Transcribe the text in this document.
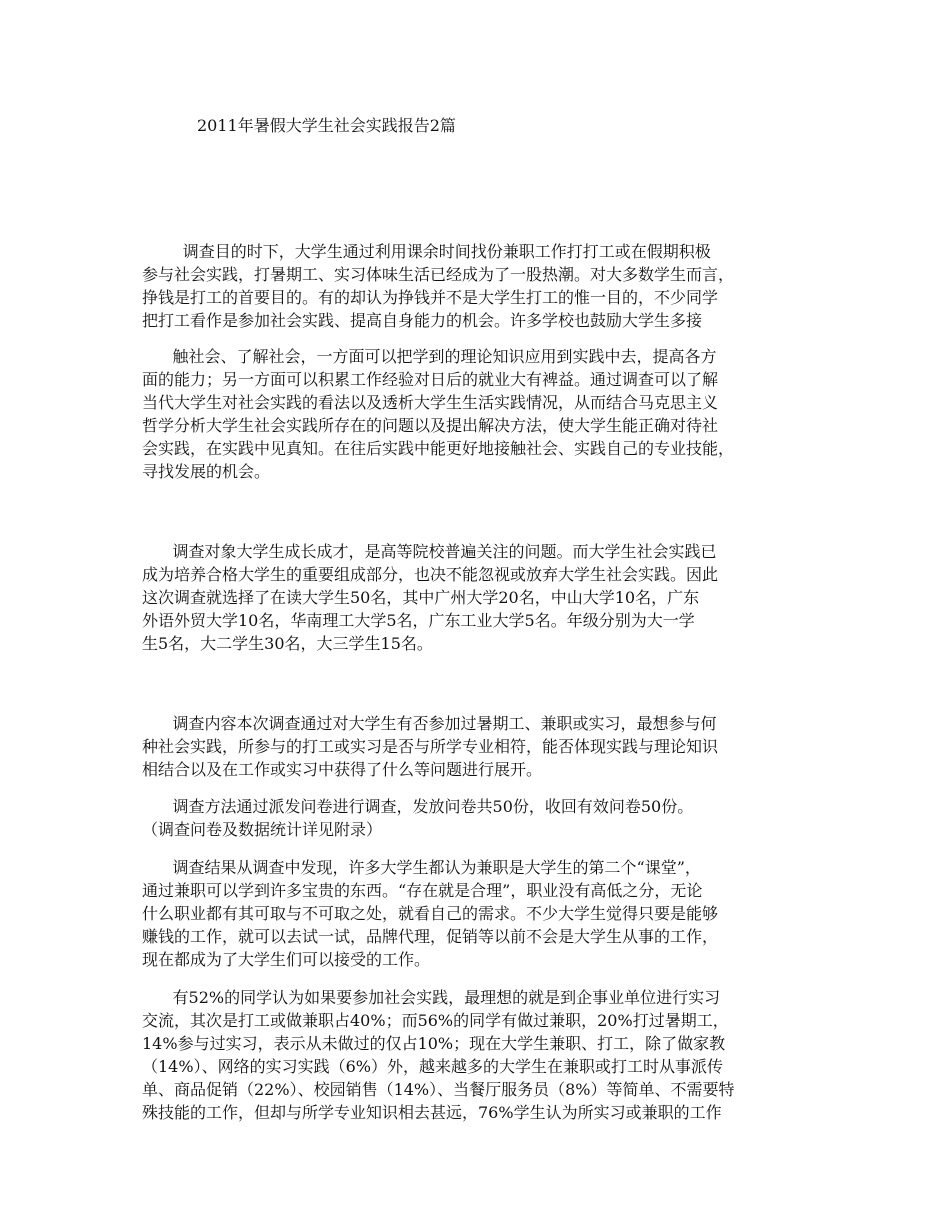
2011年暑假大学生社会实践报告2篇
调查目的时下，大学生通过利用课余时间找份兼职工作打打工或在假期积极
参与社会实践，打暑期工、实习体味生活已经成为了一股热潮。对大多数学生而言，
挣钱是打工的首要目的。有的却认为挣钱并不是大学生打工的惟一目的，不少同学
把打工看作是参加社会实践、提高自身能力的机会。许多学校也鼓励大学生多接
触社会、了解社会，一方面可以把学到的理论知识应用到实践中去，提高各方
面的能力；另一方面可以积累工作经验对日后的就业大有裨益。通过调查可以了解
当代大学生对社会实践的看法以及透析大学生生活实践情况，从而结合马克思主义
哲学分析大学生社会实践所存在的问题以及提出解决方法，使大学生能正确对待社
会实践，在实践中见真知。在往后实践中能更好地接触社会、实践自己的专业技能，
寻找发展的机会。
调查对象大学生成长成才，是高等院校普遍关注的问题。而大学生社会实践已
成为培养合格大学生的重要组成部分，也决不能忽视或放弃大学生社会实践。因此
这次调查就选择了在读大学生50名，其中广州大学20名，中山大学10名，广东
外语外贸大学10名，华南理工大学5名，广东工业大学5名。年级分别为大一学
生5名，大二学生30名，大三学生15名。
调查内容本次调查通过对大学生有否参加过暑期工、兼职或实习，最想参与何
种社会实践，所参与的打工或实习是否与所学专业相符，能否体现实践与理论知识
相结合以及在工作或实习中获得了什么等问题进行展开。
调查方法通过派发问卷进行调查，发放问卷共50份，收回有效问卷50份。
（调查问卷及数据统计详见附录）
调查结果从调查中发现，许多大学生都认为兼职是大学生的第二个“课堂”，
通过兼职可以学到许多宝贵的东西。“存在就是合理”，职业没有高低之分，无论
什么职业都有其可取与不可取之处，就看自己的需求。不少大学生觉得只要是能够
赚钱的工作，就可以去试一试，品牌代理，促销等以前不会是大学生从事的工作，
现在都成为了大学生们可以接受的工作。
有52%的同学认为如果要参加社会实践，最理想的就是到企事业单位进行实习
交流，其次是打工或做兼职占40%；而56%的同学有做过兼职，20%打过暑期工，
14%参与过实习，表示从未做过的仅占10%；现在大学生兼职、打工，除了做家教
（14%）、网络的实习实践（6%）外，越来越多的大学生在兼职或打工时从事派传
单、商品促销（22%）、校园销售（14%）、当餐厅服务员（8%）等简单、不需要特
殊技能的工作，但却与所学专业知识相去甚远，76%学生认为所实习或兼职的工作
